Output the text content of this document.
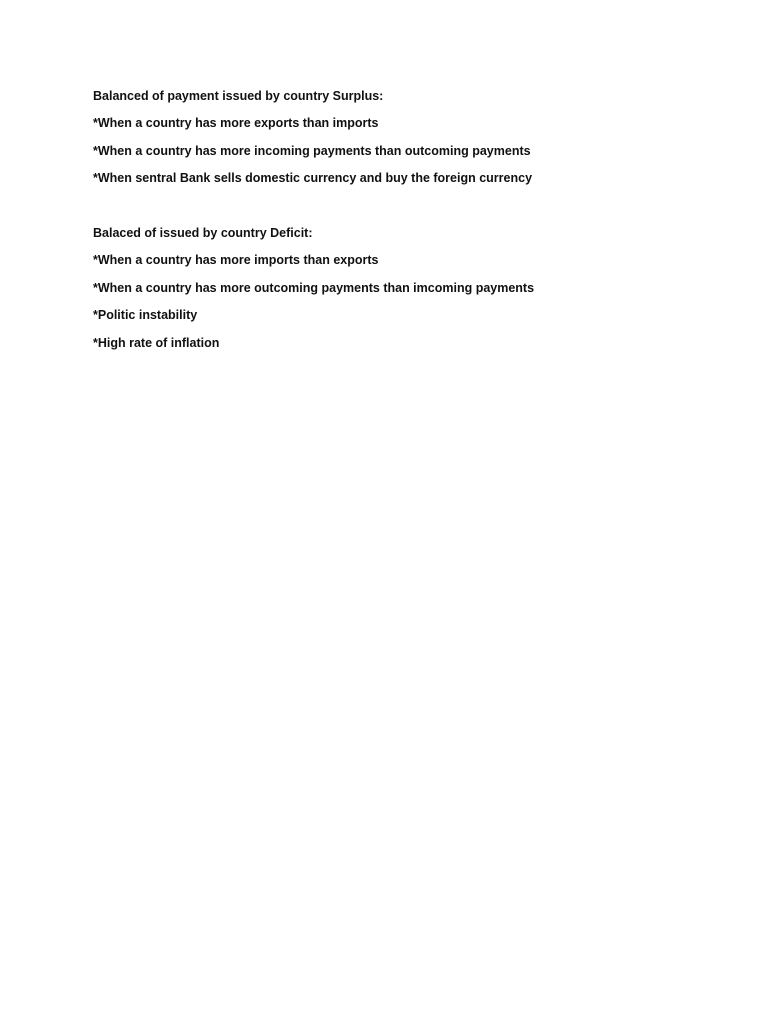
Balanced of payment issued by country Surplus:
*When a country has more exports than imports
*When a country has more incoming payments than outcoming payments
*When sentral Bank sells domestic currency and buy the foreign currency
Balaced of issued by country Deficit:
*When a country has more imports than exports
*When a country has more outcoming payments than imcoming payments
*Politic instability
*High rate of inflation
